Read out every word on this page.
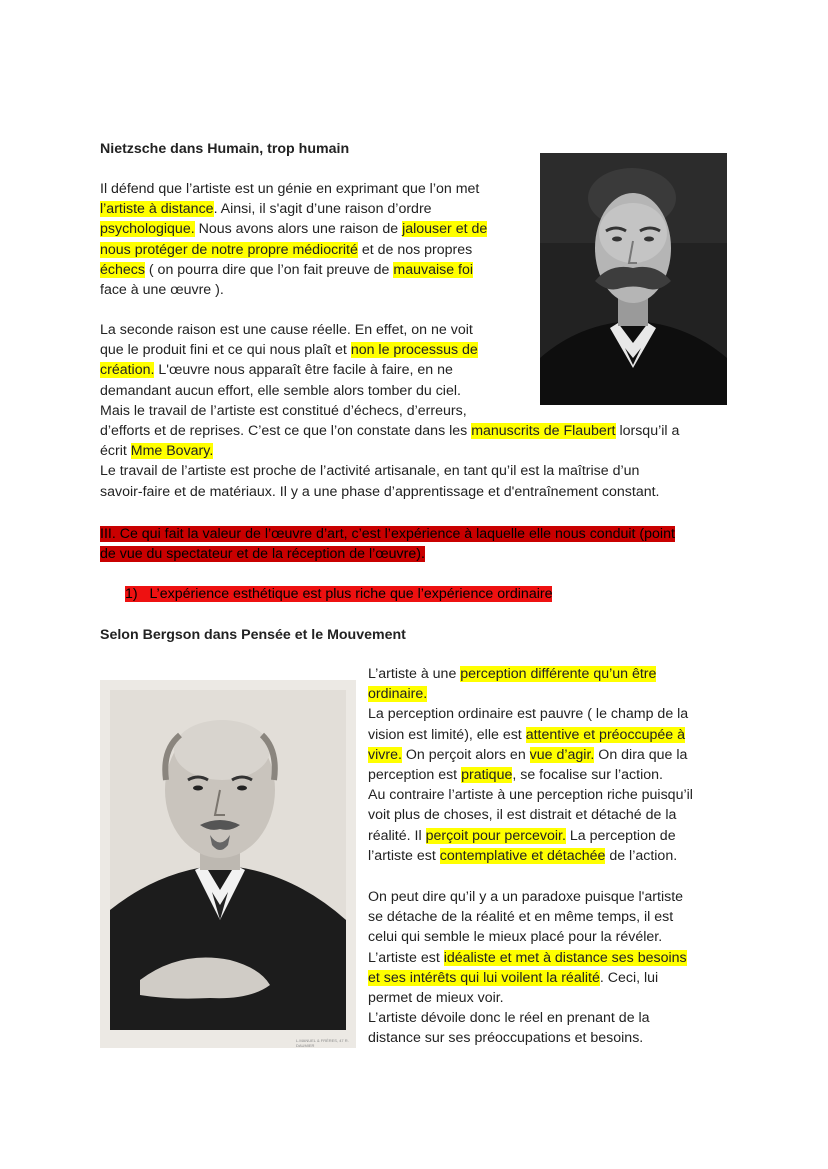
Nietzsche dans Humain, trop humain
Il défend que l’artiste est un génie en exprimant que l’on met
l’artiste à distance. Ainsi, il s'agit d’une raison d’ordre
psychologique. Nous avons alors une raison de jalouser et de
nous protéger de notre propre médiocrité et de nos propres
échecs ( on pourra dire que l’on fait preuve de mauvaise foi
face à une œuvre ).
La seconde raison est une cause réelle. En effet, on ne voit
que le produit fini et ce qui nous plaît et non le processus de
création. L'œuvre nous apparaît être facile à faire, en ne
demandant aucun effort, elle semble alors tomber du ciel.
Mais le travail de l’artiste est constitué d’échecs, d’erreurs,
d’efforts et de reprises. C’est ce que l’on constate dans les manuscrits de Flaubert lorsqu’il a
écrit Mme Bovary.
Le travail de l’artiste est proche de l’activité artisanale, en tant qu’il est la maîtrise d’un
savoir-faire et de matériaux. Il y a une phase d’apprentissage et d'entraînement constant.
III. Ce qui fait la valeur de l’œuvre d’art, c’est l’expérience à laquelle elle nous conduit (point
de vue du spectateur et de la réception de l’œuvre).
1) L’expérience esthétique est plus riche que l’expérience ordinaire
Selon Bergson dans Pensée et le Mouvement
L.MANUEL & FRÈRES, 47 R. DAUMIER
L’artiste à une perception différente qu’un être
ordinaire.
La perception ordinaire est pauvre ( le champ de la
vision est limité), elle est attentive et préoccupée à
vivre. On perçoit alors en vue d’agir. On dira que la
perception est pratique, se focalise sur l’action.
Au contraire l’artiste à une perception riche puisqu’il
voit plus de choses, il est distrait et détaché de la
réalité. Il perçoit pour percevoir. La perception de
l’artiste est contemplative et détachée de l’action.
On peut dire qu’il y a un paradoxe puisque l'artiste
se détache de la réalité et en même temps, il est
celui qui semble le mieux placé pour la révéler.
L’artiste est idéaliste et met à distance ses besoins
et ses intérêts qui lui voilent la réalité. Ceci, lui
permet de mieux voir.
L’artiste dévoile donc le réel en prenant de la
distance sur ses préoccupations et besoins.
